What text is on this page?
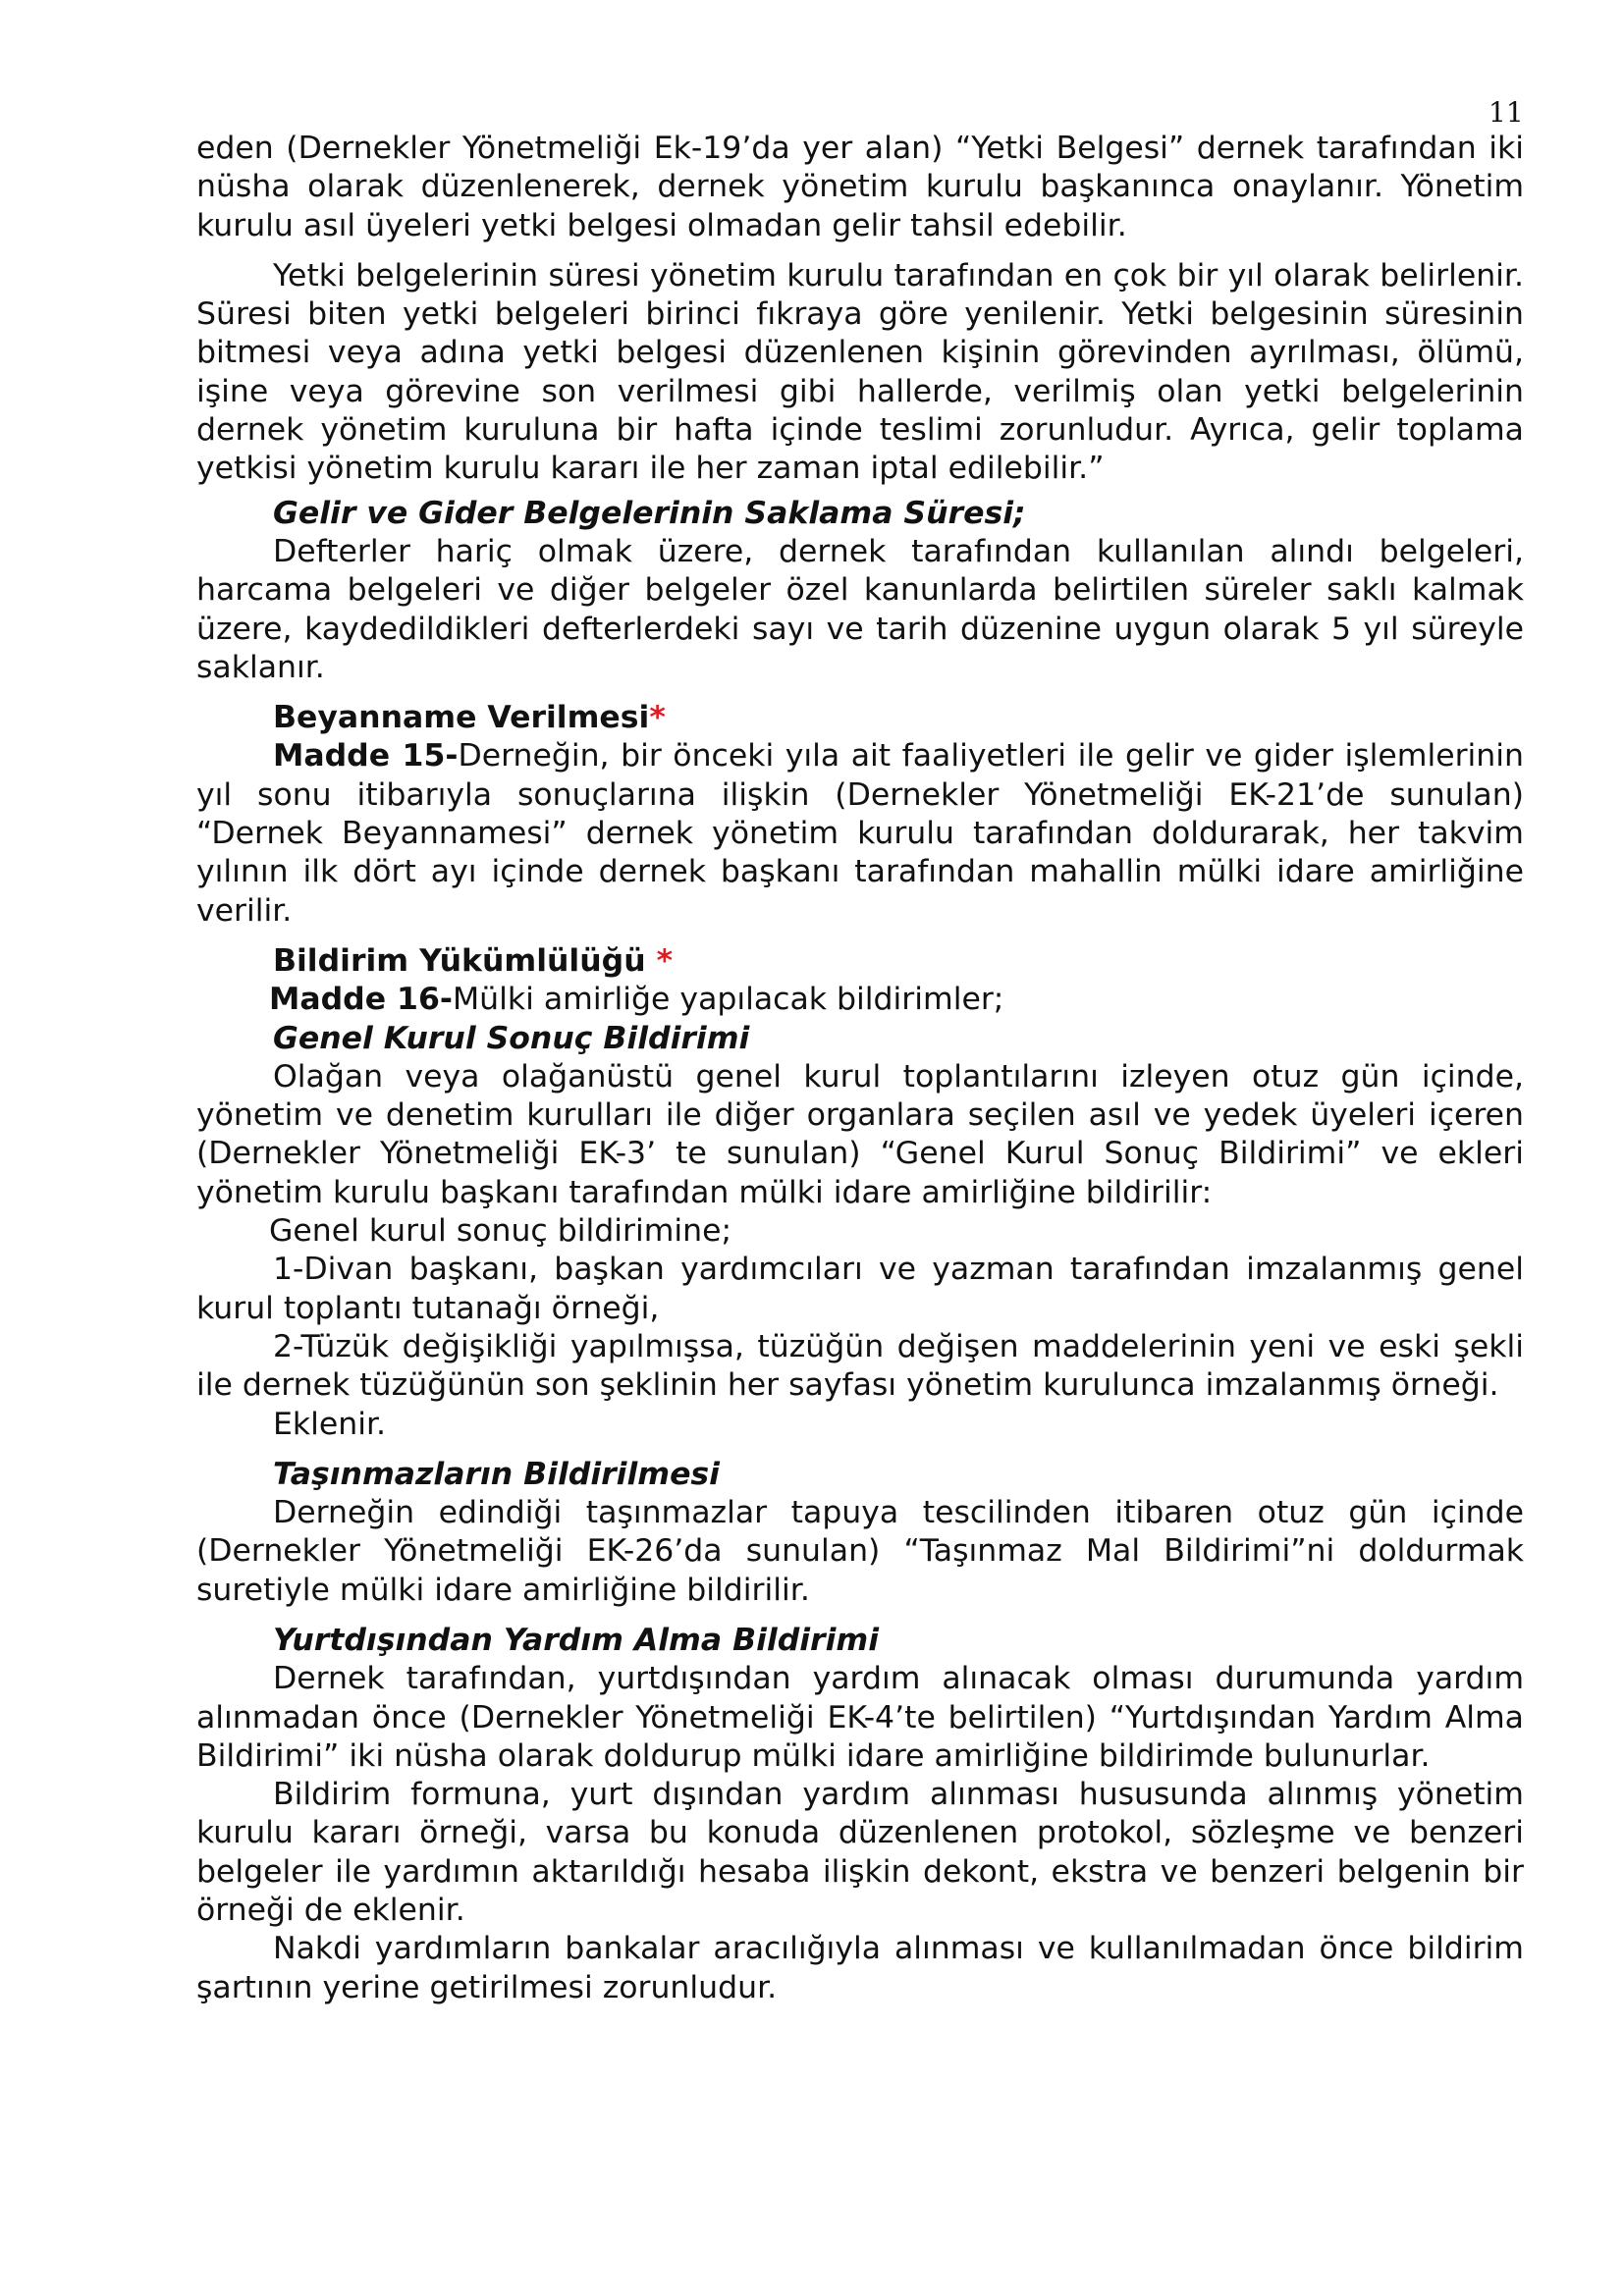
11

eden (Dernekler Yönetmeliği Ek-19’da yer alan) “Yetki Belgesi” dernek tarafından iki nüsha olarak düzenlenerek, dernek yönetim kurulu başkanınca onaylanır. Yönetim kurulu asıl üyeleri yetki belgesi olmadan gelir tahsil edebilir.

Yetki belgelerinin süresi yönetim kurulu tarafından en çok bir yıl olarak belirlenir. Süresi biten yetki belgeleri birinci fıkraya göre yenilenir. Yetki belgesinin süresinin bitmesi veya adına yetki belgesi düzenlenen kişinin görevinden ayrılması, ölümü, işine veya görevine son verilmesi gibi hallerde, verilmiş olan yetki belgelerinin dernek yönetim kuruluna bir hafta içinde teslimi zorunludur. Ayrıca, gelir toplama yetkisi yönetim kurulu kararı ile her zaman iptal edilebilir.”

Gelir ve Gider Belgelerinin Saklama Süresi;

Defterler hariç olmak üzere, dernek tarafından kullanılan alındı belgeleri, harcama belgeleri ve diğer belgeler özel kanunlarda belirtilen süreler saklı kalmak üzere, kaydedildikleri defterlerdeki sayı ve tarih düzenine uygun olarak 5 yıl süreyle saklanır.

Beyanname Verilmesi*

Madde 15-Derneğin, bir önceki yıla ait faaliyetleri ile gelir ve gider işlemlerinin yıl sonu itibarıyla sonuçlarına ilişkin (Dernekler Yönetmeliği EK-21’de sunulan) “Dernek Beyannamesi” dernek yönetim kurulu tarafından doldurarak, her takvim yılının ilk dört ayı içinde dernek başkanı tarafından mahallin mülki idare amirliğine verilir.

Bildirim Yükümlülüğü *

Madde 16-Mülki amirliğe yapılacak bildirimler;

Genel Kurul Sonuç Bildirimi

Olağan veya olağanüstü genel kurul toplantılarını izleyen otuz gün içinde, yönetim ve denetim kurulları ile diğer organlara seçilen asıl ve yedek üyeleri içeren (Dernekler Yönetmeliği EK-3’ te sunulan) “Genel Kurul Sonuç Bildirimi” ve ekleri yönetim kurulu başkanı tarafından mülki idare amirliğine bildirilir:

Genel kurul sonuç bildirimine;

1-Divan başkanı, başkan yardımcıları ve yazman tarafından imzalanmış genel kurul toplantı tutanağı örneği,

2-Tüzük değişikliği yapılmışsa, tüzüğün değişen maddelerinin yeni ve eski şekli ile dernek tüzüğünün son şeklinin her sayfası yönetim kurulunca imzalanmış örneği.

Eklenir.

Taşınmazların Bildirilmesi

Derneğin edindiği taşınmazlar tapuya tescilinden itibaren otuz gün içinde (Dernekler Yönetmeliği EK-26’da sunulan) “Taşınmaz Mal Bildirimi”ni doldurmak suretiyle mülki idare amirliğine bildirilir.

Yurtdışından Yardım Alma Bildirimi

Dernek tarafından, yurtdışından yardım alınacak olması durumunda yardım alınmadan önce (Dernekler Yönetmeliği EK-4’te belirtilen) “Yurtdışından Yardım Alma Bildirimi” iki nüsha olarak doldurup mülki idare amirliğine bildirimde bulunurlar.

Bildirim formuna, yurt dışından yardım alınması hususunda alınmış yönetim kurulu kararı örneği, varsa bu konuda düzenlenen protokol, sözleşme ve benzeri belgeler ile yardımın aktarıldığı hesaba ilişkin dekont, ekstra ve benzeri belgenin bir örneği de eklenir.

Nakdi yardımların bankalar aracılığıyla alınması ve kullanılmadan önce bildirim şartının yerine getirilmesi zorunludur.
